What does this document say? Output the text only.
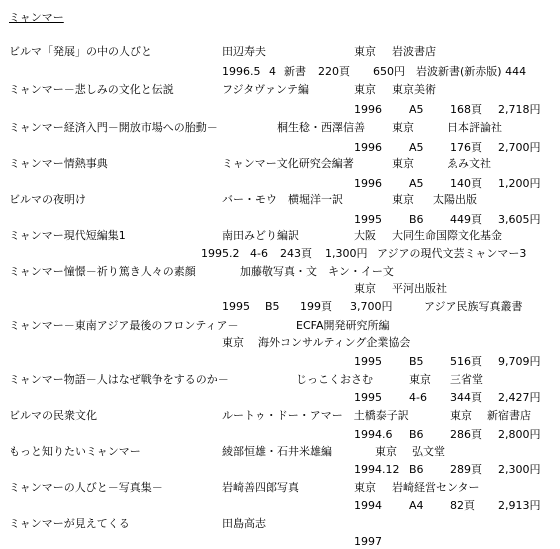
ミャンマー
ビルマ「発展」の中の人びと	田辺寿夫	東京 岩波書店
1996.5 4 新書 220頁 650円 岩波新書(新赤版) 444
ミャンマー－悲しみの文化と伝説	フジタヴァンテ編	東京 東京美術
1996 A5 168頁 2,718円
ミャンマー経済入門－開放市場への胎動－	桐生稔・西澤信善 東京	日本評論社
1996 A5 176頁 2,700円
ミャンマー情熱事典	ミャンマー文化研究会編著	東京	ゑみ文社
1996 A5 140頁 1,200円
ビルマの夜明け	バー・モウ　横堀洋一訳	東京 太陽出版
1995 B6 449頁 3,605円
ミャンマー現代短編集1	南田みどり編訳	大阪 大同生命国際文化基金
1995.2 4-6 243頁 1,300円 アジアの現代文芸ミャンマー3
ミャンマー憧憬－祈り篤き人々の素顔	加藤敬写真・文　キン・イー文
東京 平河出版社
1995 B5 199頁 3,700円	アジア民族写真叢書
ミャンマー－東南アジア最後のフロンティア－	ECFA開発研究所編
東京 海外コンサルティング企業協会
1995 B5 516頁 9,709円
ミャンマー物語－人はなぜ戦争をするのか－	じっこくおさむ	東京 三省堂
1995 4-6 344頁 2,427円
ビルマの民衆文化	ルートゥ・ドー・アマー　土橋泰子訳	東京 新宿書店
1994.6 B6 286頁 2,800円
もっと知りたいミャンマー	綾部恒雄・石井米雄編	東京 弘文堂
1994.12 B6 289頁 2,300円
ミャンマーの人びと－写真集－	岩崎善四郎写真	東京 岩崎経営センター
1994 A4 82頁 2,913円
ミャンマーが見えてくる	田島高志
1997
